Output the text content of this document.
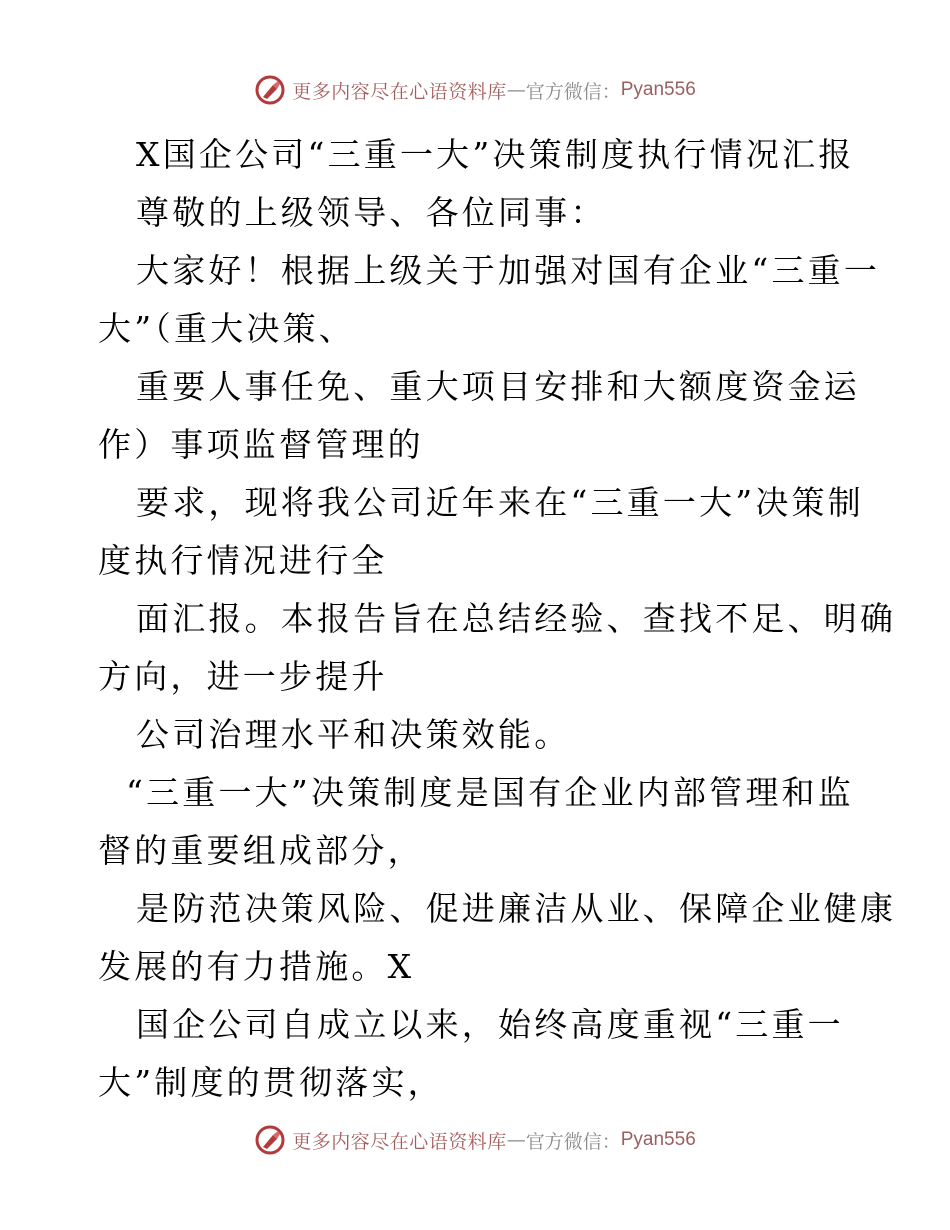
更多内容尽在心语资料库 — 官方微信： Pyan556
X国企公司“三重一大”决策制度执行情况汇报
尊敬的上级领导、各位同事：
大家好！根据上级关于加强对国有企业“三重一
大”（重大决策、
重要人事任免、重大项目安排和大额度资金运
作）事项监督管理的
要求，现将我公司近年来在“三重一大”决策制
度执行情况进行全
面汇报。本报告旨在总结经验、查找不足、明确
方向，进一步提升
公司治理水平和决策效能。
“三重一大”决策制度是国有企业内部管理和监
督的重要组成部分，
是防范决策风险、促进廉洁从业、保障企业健康
发展的有力措施。X
国企公司自成立以来，始终高度重视“三重一
大”制度的贯彻落实，
更多内容尽在心语资料库 — 官方微信： Pyan556
